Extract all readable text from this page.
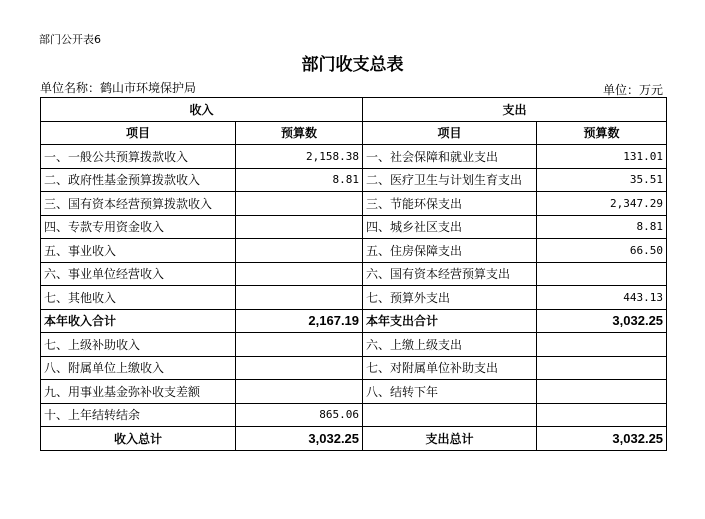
部门公开表6
部门收支总表
单位名称：鹤山市环境保护局	单位：万元
收入		支出	
项目	预算数	项目	预算数
一、一般公共预算拨款收入	2,158.38	一、社会保障和就业支出	131.01
二、政府性基金预算拨款收入	8.81	二、医疗卫生与计划生育支出	35.51
三、国有资本经营预算拨款收入		三、节能环保支出	2,347.29
四、专款专用资金收入		四、城乡社区支出	8.81
五、事业收入		五、住房保障支出	66.50
六、事业单位经营收入		六、国有资本经营预算支出	
七、其他收入		七、预算外支出	443.13
本年收入合计	2,167.19	本年支出合计	3,032.25
七、上级补助收入		六、上缴上级支出	
八、附属单位上缴收入		七、对附属单位补助支出	
九、用事业基金弥补收支差额		八、结转下年	
十、上年结转结余	865.06		
收入总计	3,032.25	支出总计	3,032.25
